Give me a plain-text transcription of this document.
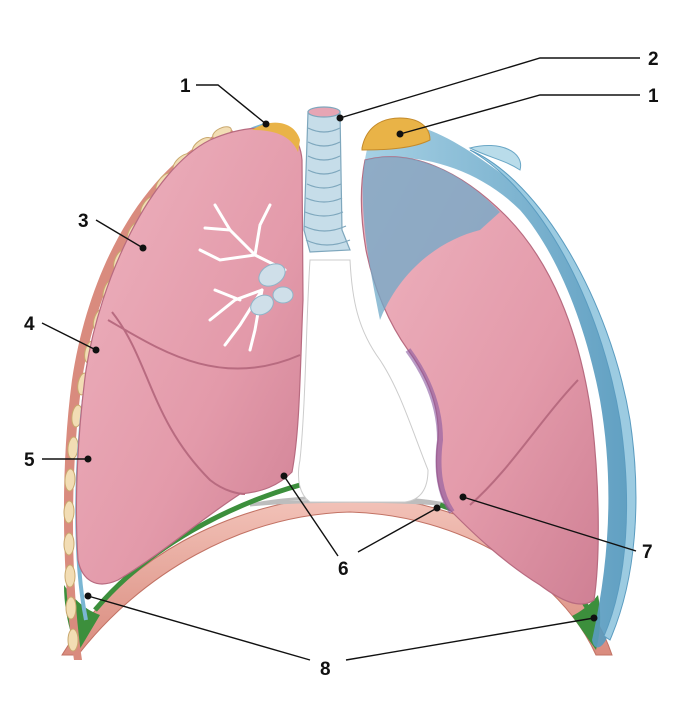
1
2
1
3
4
5
6
7
8
